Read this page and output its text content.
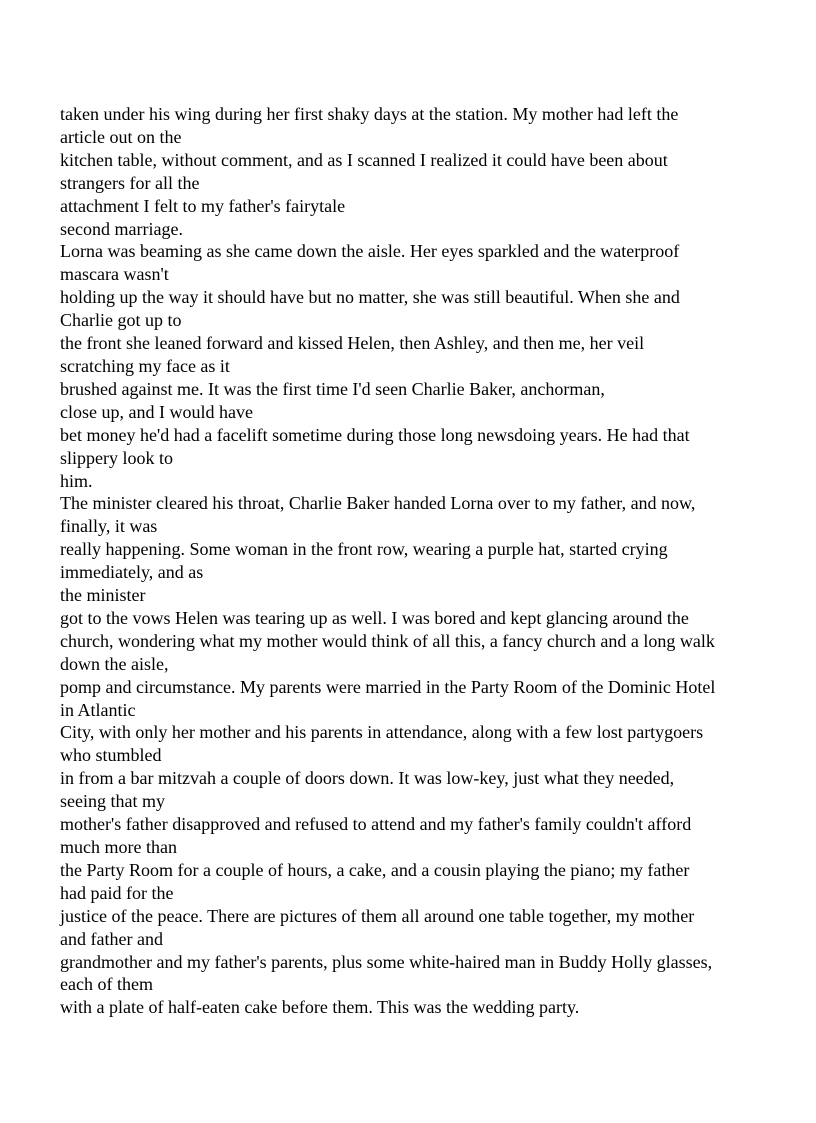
taken under his wing during her first shaky days at the station. My mother had left the

article out on the

kitchen table, without comment, and as I scanned I realized it could have been about

strangers for all the

attachment I felt to my father's fairytale

second marriage.

Lorna was beaming as she came down the aisle. Her eyes sparkled and the waterproof

mascara wasn't

holding up the way it should have but no matter, she was still beautiful. When she and

Charlie got up to

the front she leaned forward and kissed Helen, then Ashley, and then me, her veil

scratching my face as it

brushed against me. It was the first time I'd seen Charlie Baker, anchorman,

close up, and I would have

bet money he'd had a facelift sometime during those long newsdoing years. He had that

slippery look to

him.

The minister cleared his throat, Charlie Baker handed Lorna over to my father, and now,

finally, it was

really happening. Some woman in the front row, wearing a purple hat, started crying

immediately, and as

the minister

got to the vows Helen was tearing up as well. I was bored and kept glancing around the

church, wondering what my mother would think of all this, a fancy church and a long walk

down the aisle,

pomp and circumstance. My parents were married in the Party Room of the Dominic Hotel

in Atlantic

City, with only her mother and his parents in attendance, along with a few lost partygoers

who stumbled

in from a bar mitzvah a couple of doors down. It was low-key, just what they needed,

seeing that my

mother's father disapproved and refused to attend and my father's family couldn't afford

much more than

the Party Room for a couple of hours, a cake, and a cousin playing the piano; my father

had paid for the

justice of the peace. There are pictures of them all around one table together, my mother

and father and

grandmother and my father's parents, plus some white-haired man in Buddy Holly glasses,

each of them

with a plate of half-eaten cake before them. This was the wedding party.
